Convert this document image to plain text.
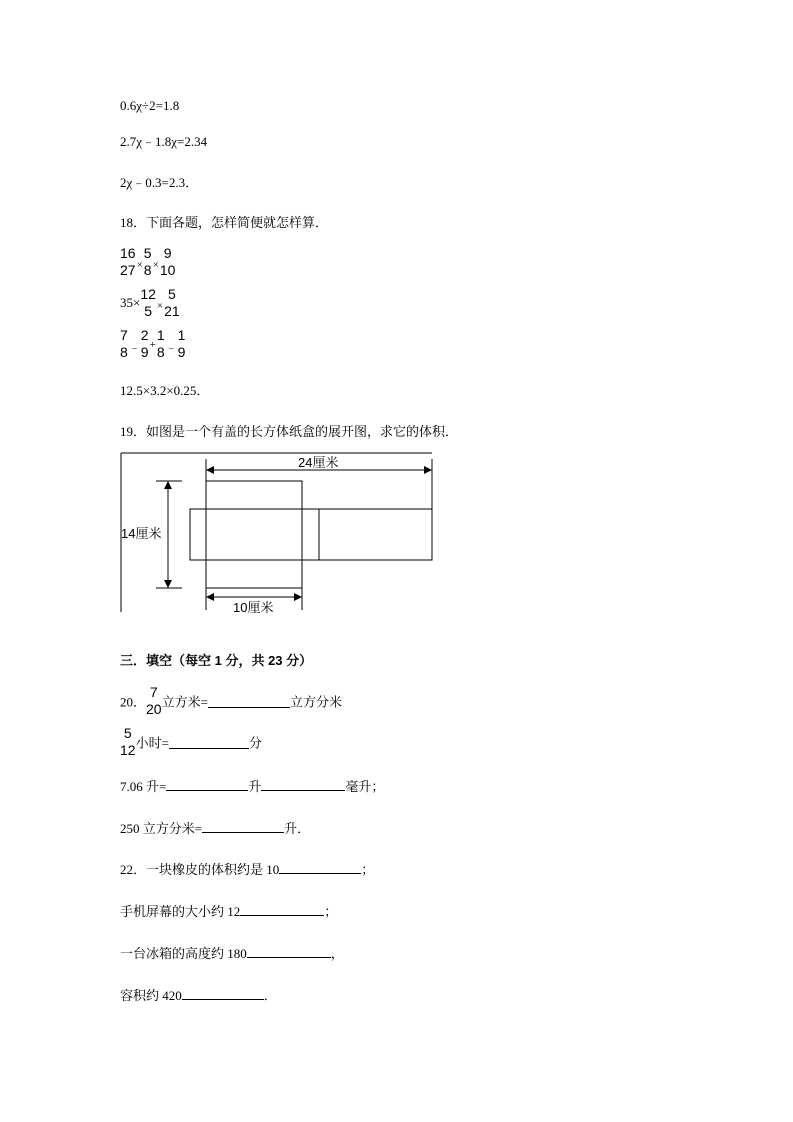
0.6χ÷2=1.8
2.7χ﹣1.8χ=2.34
2χ﹣0.3=2.3．
18．下面各题，怎样简便就怎样算．
16
27 ×
5
8 ×
9
10
35×
12
5 ×
5
21
7
8 ﹣
2
9 +
1
8 ﹣
1
9
12.5×3.2×0.25．
19．如图是一个有盖的长方体纸盒的展开图，求它的体积．
24厘米
14厘米
10厘米
三．填空（每空 1 分，共 23 分）
20．
7
20 立方米=	立方分米
5
12 小时=	分
7.06 升=	升	毫升；
250 立方分米=	升．
22．一块橡皮的体积约是 10	；
手机屏幕的大小约 12	；
一台冰箱的高度约 180	，
容积约 420	．
